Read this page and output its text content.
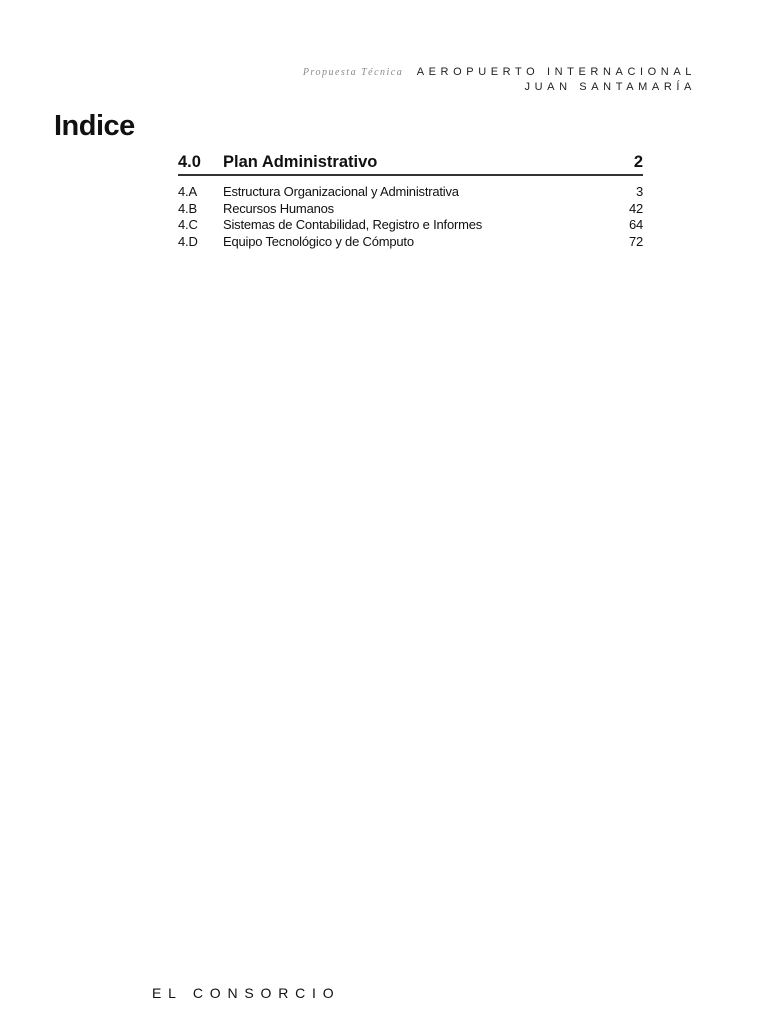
Propuesta Técnica AEROPUERTO INTERNACIONAL
JUAN SANTAMARÍA
Indice
4.0	Plan Administrativo	2
4.A	Estructura Organizacional y Administrativa	3
4.B	Recursos Humanos	42
4.C	Sistemas de Contabilidad, Registro e Informes	64
4.D	Equipo Tecnológico y de Cómputo	72
EL CONSORCIO
